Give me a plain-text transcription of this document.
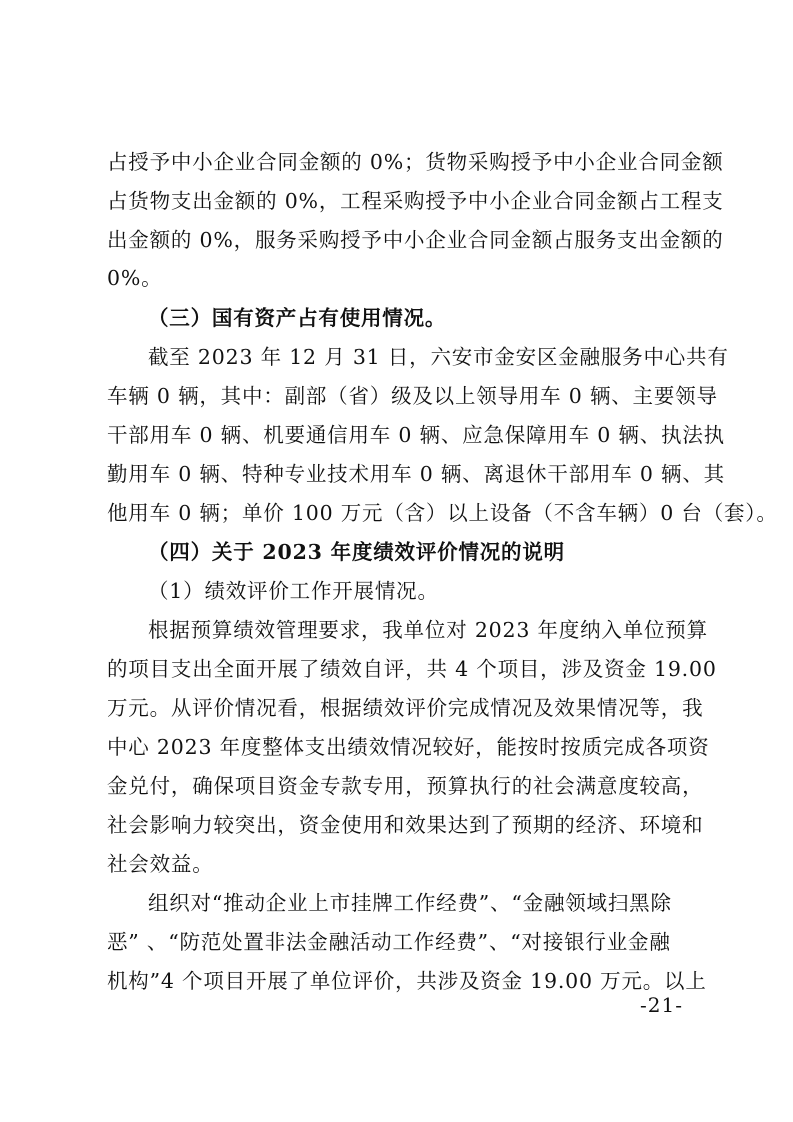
占授予中小企业合同金额的 0%；货物采购授予中小企业合同金额
占货物支出金额的 0%，工程采购授予中小企业合同金额占工程支
出金额的 0%，服务采购授予中小企业合同金额占服务支出金额的
0%。
（三）国有资产占有使用情况。
截至 2023 年 12 月 31 日，六安市金安区金融服务中心共有
车辆 0 辆，其中：副部（省）级及以上领导用车 0 辆、主要领导
干部用车 0 辆、机要通信用车 0 辆、应急保障用车 0 辆、执法执
勤用车 0 辆、特种专业技术用车 0 辆、离退休干部用车 0 辆、其
他用车 0 辆；单价 100 万元（含）以上设备（不含车辆）0 台（套）。
（四）关于 2023 年度绩效评价情况的说明
（1）绩效评价工作开展情况。
根据预算绩效管理要求，我单位对 2023 年度纳入单位预算
的项目支出全面开展了绩效自评，共 4 个项目，涉及资金 19.00
万元。从评价情况看，根据绩效评价完成情况及效果情况等，我
中心 2023 年度整体支出绩效情况较好，能按时按质完成各项资
金兑付，确保项目资金专款专用，预算执行的社会满意度较高，
社会影响力较突出，资金使用和效果达到了预期的经济、环境和
社会效益。
组织对“推动企业上市挂牌工作经费”、“金融领域扫黑除
恶” 、“防范处置非法金融活动工作经费”、“对接银行业金融
机构”4 个项目开展了单位评价，共涉及资金 19.00 万元。以上
-21-
